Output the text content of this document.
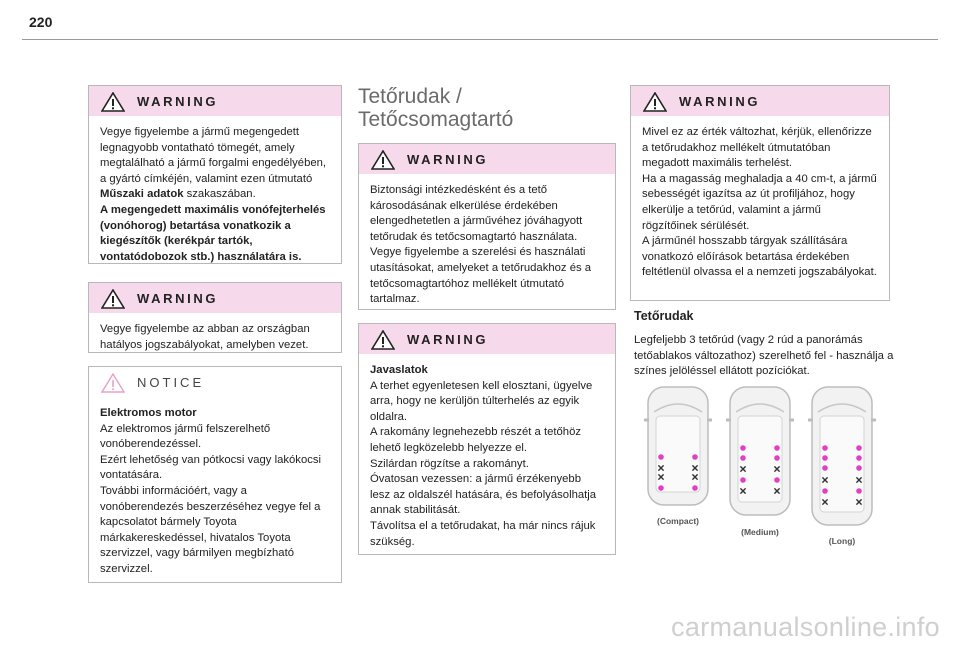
220
WARNING

Vegye figyelembe a jármű megengedett legnagyobb vontatható tömegét, amely megtalálható a jármű forgalmi engedélyében, a gyártó címkéjén, valamint ezen útmutató Műszaki adatok szakaszában.

A megengedett maximális vonófejterhelés (vonóhorog) betartása vonatkozik a kiegészítők (kerékpár tartók, vontatódobozok stb.) használatára is.

WARNING

Vegye figyelembe az abban az országban hatályos jogszabályokat, amelyben vezet.

NOTICE

Elektromos motor

Az elektromos jármű felszerelhető vonóberendezéssel.
Ezért lehetőség van pótkocsi vagy lakókocsi vontatására.
További információért, vagy a vonóberendezés beszerzéséhez vegye fel a kapcsolatot bármely Toyota márkakereskedéssel, hivatalos Toyota szervizzel, vagy bármilyen megbízható szervizzel.

Tetőrudak /
Tetőcsomagtartó
WARNING

Biztonsági intézkedésként és a tető károsodásának elkerülése érdekében elengedhetetlen a járművéhez jóváhagyott tetőrudak és tetőcsomagtartó használata.
Vegye figyelembe a szerelési és használati utasításokat, amelyeket a tetőrudakhoz és a tetőcsomagtartóhoz mellékelt útmutató tartalmaz.

WARNING

Javaslatok

A terhet egyenletesen kell elosztani, ügyelve arra, hogy ne kerüljön túlterhelés az egyik oldalra.
A rakomány legnehezebb részét a tetőhöz lehető legközelebb helyezze el.
Szilárdan rögzítse a rakományt.
Óvatosan vezessen: a jármű érzékenyebb lesz az oldalszél hatására, és befolyásolhatja annak stabilitását.
Távolítsa el a tetőrudakat, ha már nincs rájuk szükség.

WARNING

Mivel ez az érték változhat, kérjük, ellenőrizze a tetőrudakhoz mellékelt útmutatóban megadott maximális terhelést.
Ha a magasság meghaladja a 40 cm-t, a jármű sebességét igazítsa az út profiljához, hogy elkerülje a tetőrúd, valamint a jármű rögzítőinek sérülését.
A járműnél hosszabb tárgyak szállítására vonatkozó előírások betartása érdekében feltétlenül olvassa el a nemzeti jogszabályokat.

Tetőrudak
Legfeljebb 3 tetőrúd (vagy 2 rúd a panorámás tetőablakos változathoz) szerelhető fel - használja a színes jelöléssel ellátott pozíciókat.
(Compact)
(Medium)
(Long)
carmanualsonline.info
